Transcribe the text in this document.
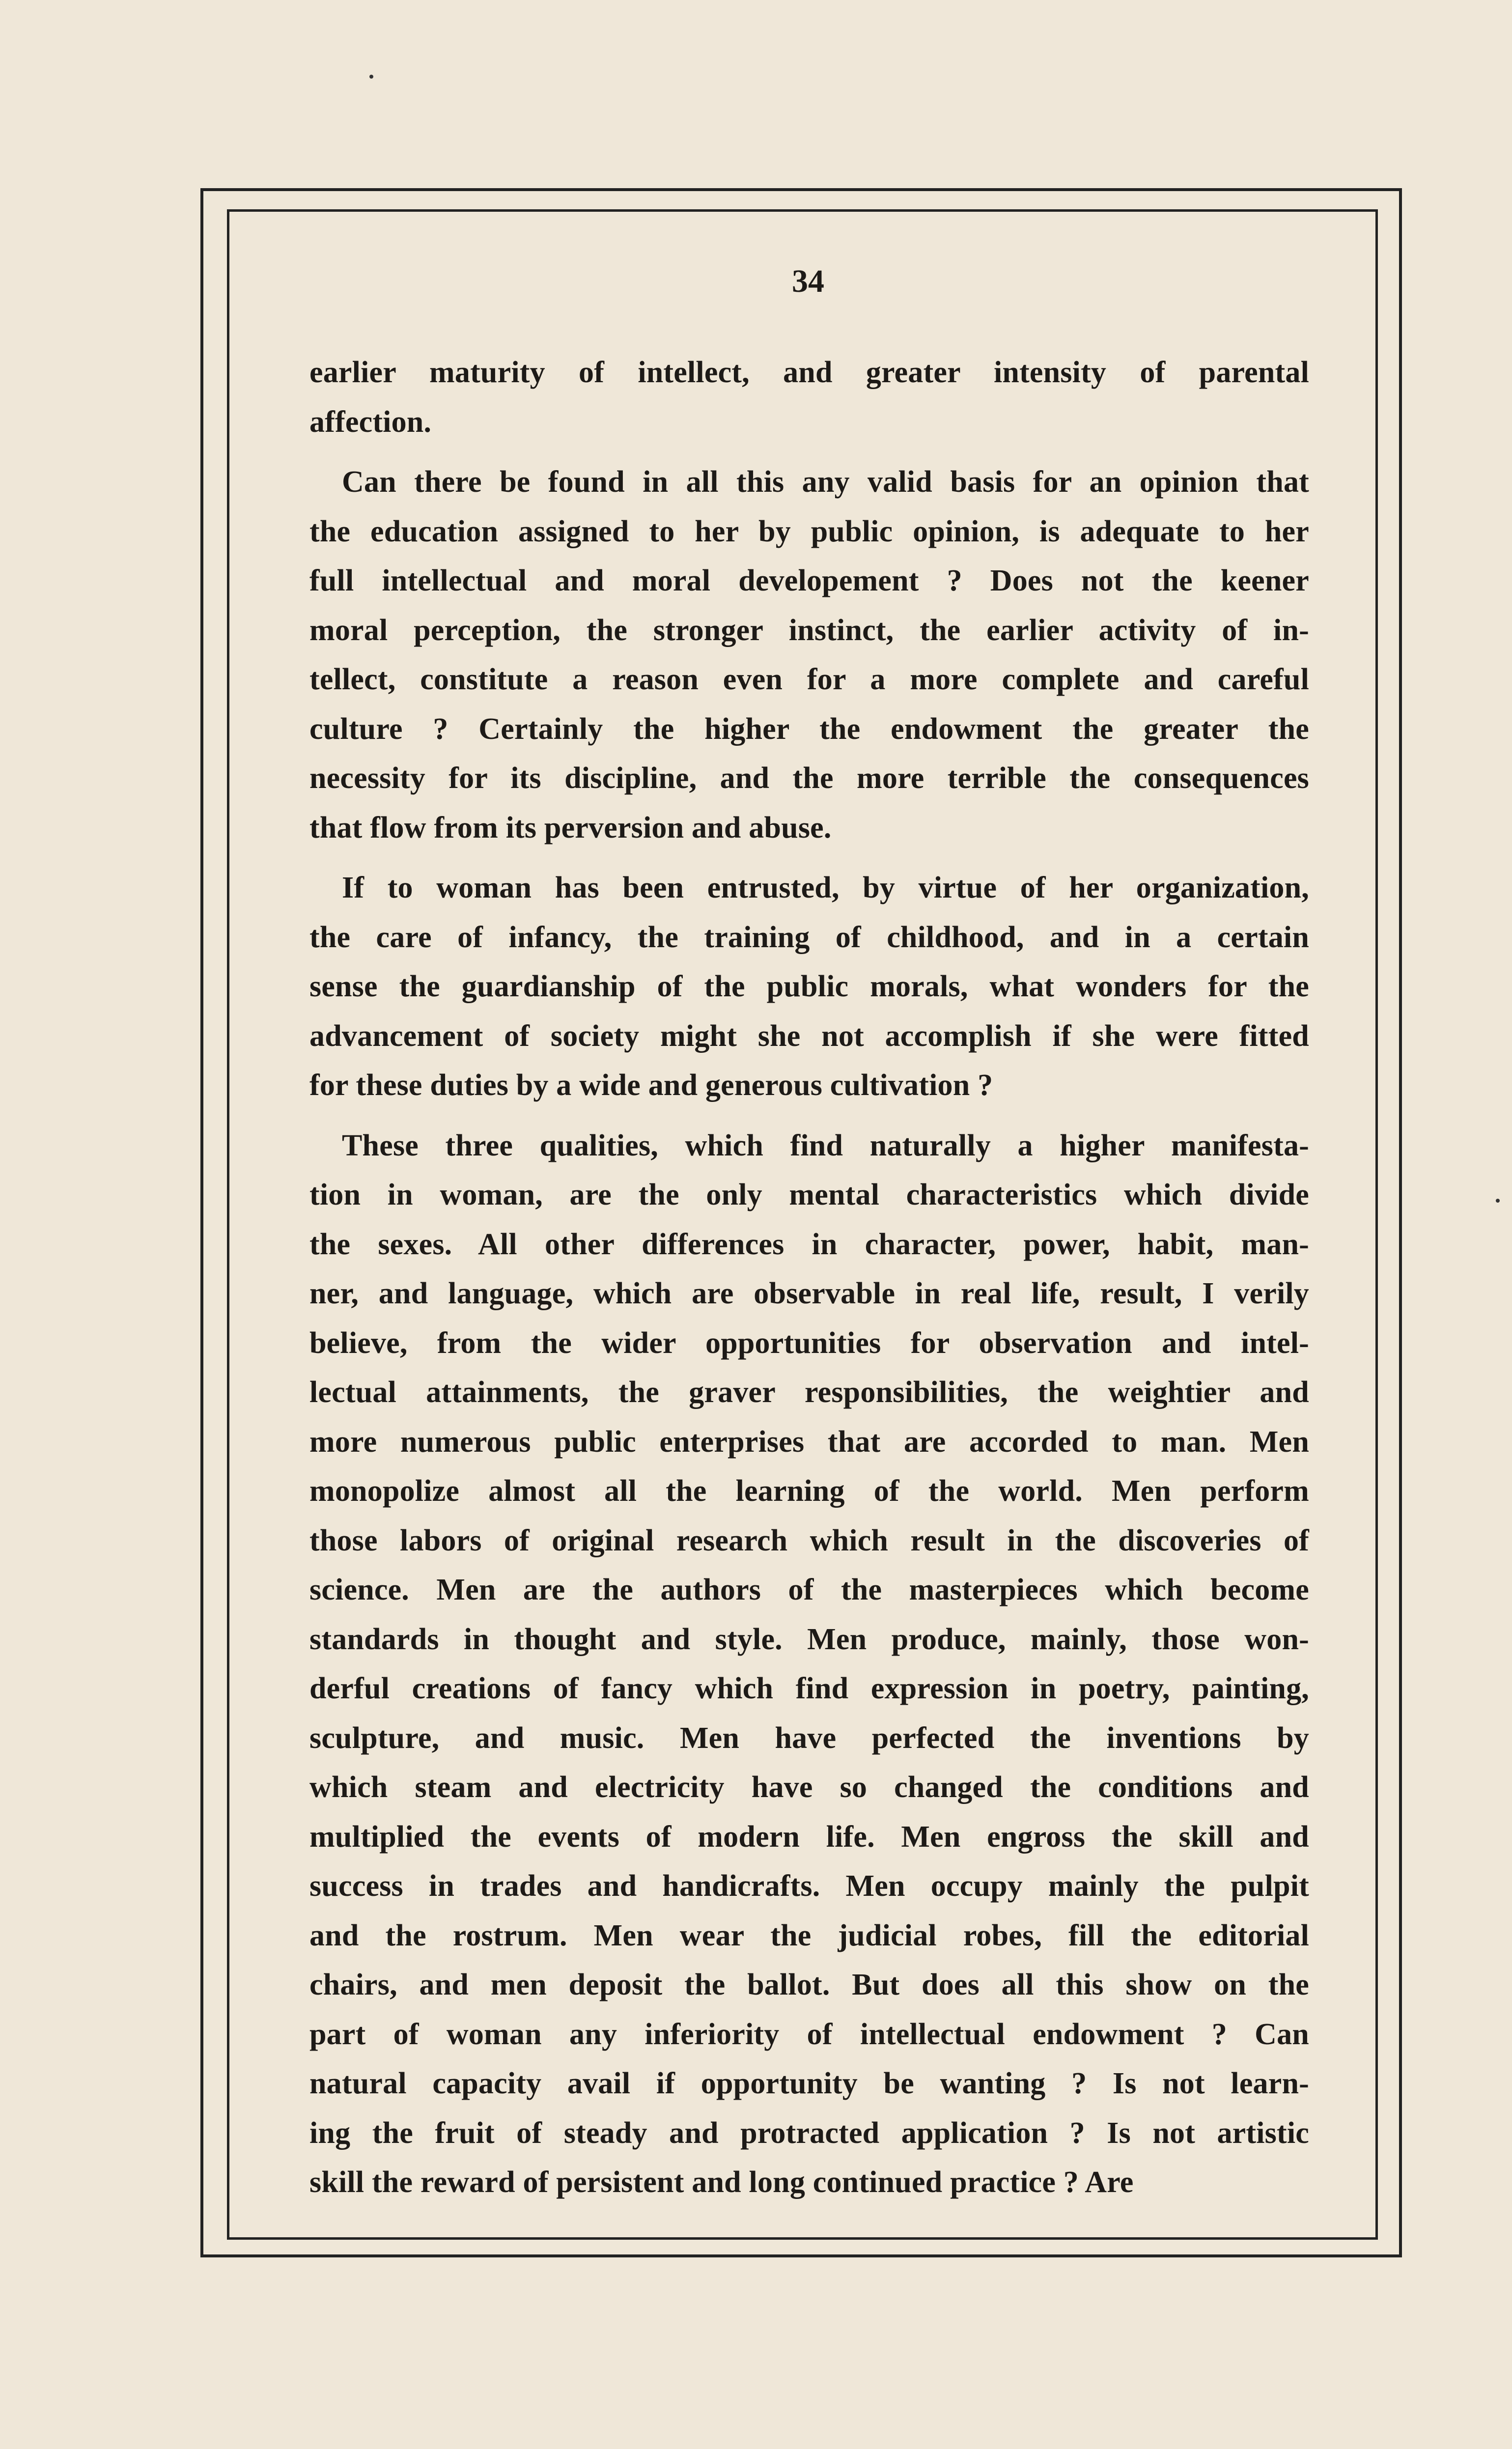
34
earlier maturity of intellect, and greater intensity of parental
affection.
Can there be found in all this any valid basis for an opinion that
the education assigned to her by public opinion, is adequate to her
full intellectual and moral developement ? Does not the keener
moral perception, the stronger instinct, the earlier activity of in-
tellect, constitute a reason even for a more complete and careful
culture ? Certainly the higher the endowment the greater the
necessity for its discipline, and the more terrible the consequences
that flow from its perversion and abuse.
If to woman has been entrusted, by virtue of her organization,
the care of infancy, the training of childhood, and in a certain
sense the guardianship of the public morals, what wonders for the
advancement of society might she not accomplish if she were fitted
for these duties by a wide and generous cultivation ?
These three qualities, which find naturally a higher manifesta-
tion in woman, are the only mental characteristics which divide
the sexes. All other differences in character, power, habit, man-
ner, and language, which are observable in real life, result, I verily
believe, from the wider opportunities for observation and intel-
lectual attainments, the graver responsibilities, the weightier and
more numerous public enterprises that are accorded to man. Men
monopolize almost all the learning of the world. Men perform
those labors of original research which result in the discoveries of
science. Men are the authors of the masterpieces which become
standards in thought and style. Men produce, mainly, those won-
derful creations of fancy which find expression in poetry, painting,
sculpture, and music. Men have perfected the inventions by
which steam and electricity have so changed the conditions and
multiplied the events of modern life. Men engross the skill and
success in trades and handicrafts. Men occupy mainly the pulpit
and the rostrum. Men wear the judicial robes, fill the editorial
chairs, and men deposit the ballot. But does all this show on the
part of woman any inferiority of intellectual endowment ? Can
natural capacity avail if opportunity be wanting ? Is not learn-
ing the fruit of steady and protracted application ? Is not artistic
skill the reward of persistent and long continued practice ? Are
